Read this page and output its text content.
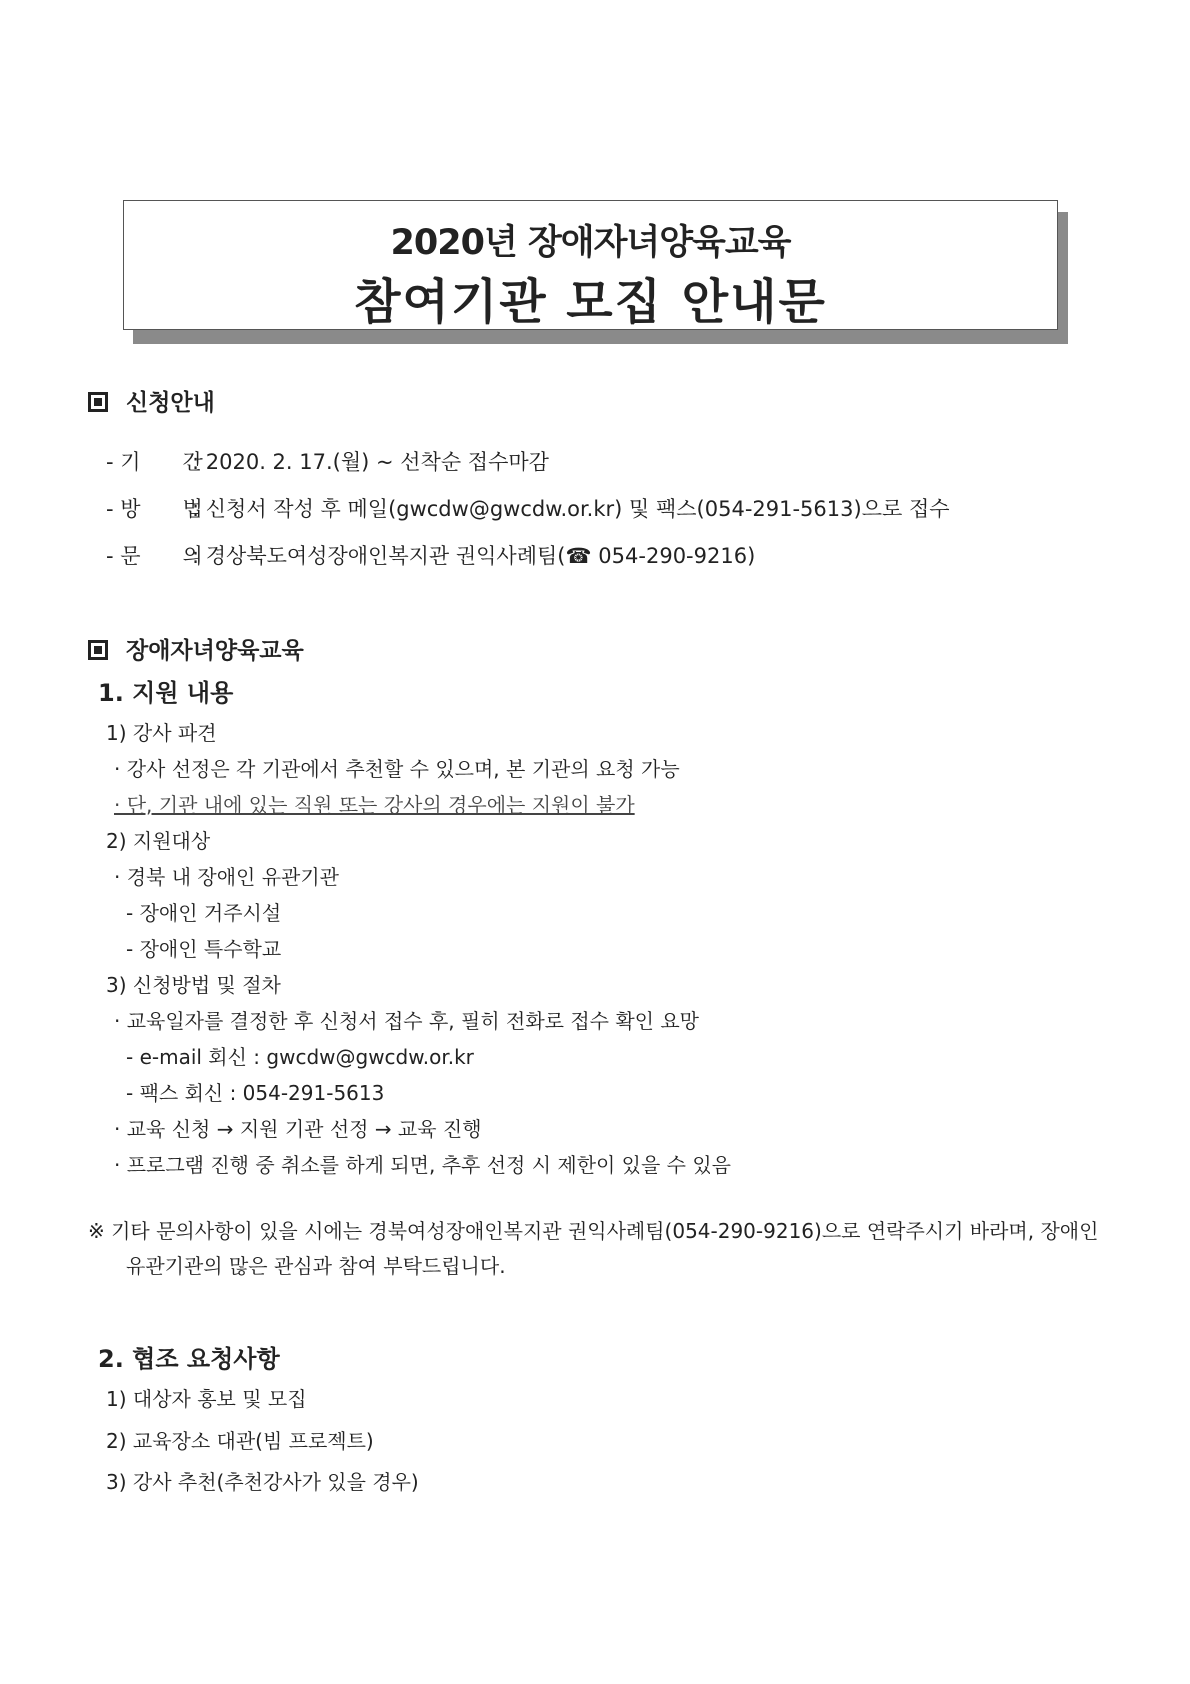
2020년 장애자녀양육교육
참여기관 모집 안내문
신청안내
- 기　　간: 2020. 2. 17.(월) ~ 선착순 접수마감
- 방　　법: 신청서 작성 후 메일(gwcdw@gwcdw.or.kr) 및 팩스(054-291-5613)으로 접수
- 문　　의: 경상북도여성장애인복지관 권익사례팀(☎ 054-290-9216)
장애자녀양육교육
1. 지원 내용
1) 강사 파견
· 강사 선정은 각 기관에서 추천할 수 있으며, 본 기관의 요청 가능
· 단, 기관 내에 있는 직원 또는 강사의 경우에는 지원이 불가
2) 지원대상
· 경북 내 장애인 유관기관
- 장애인 거주시설
- 장애인 특수학교
3) 신청방법 및 절차
· 교육일자를 결정한 후 신청서 접수 후, 필히 전화로 접수 확인 요망
- e-mail 회신 : gwcdw@gwcdw.or.kr
- 팩스 회신 : 054-291-5613
· 교육 신청 → 지원 기관 선정 → 교육 진행
· 프로그램 진행 중 취소를 하게 되면, 추후 선정 시 제한이 있을 수 있음
※ 기타 문의사항이 있을 시에는 경북여성장애인복지관 권익사례팀(054-290-9216)으로 연락주시기 바라며, 장애인
유관기관의 많은 관심과 참여 부탁드립니다.
2. 협조 요청사항
1) 대상자 홍보 및 모집
2) 교육장소 대관(빔 프로젝트)
3) 강사 추천(추천강사가 있을 경우)
